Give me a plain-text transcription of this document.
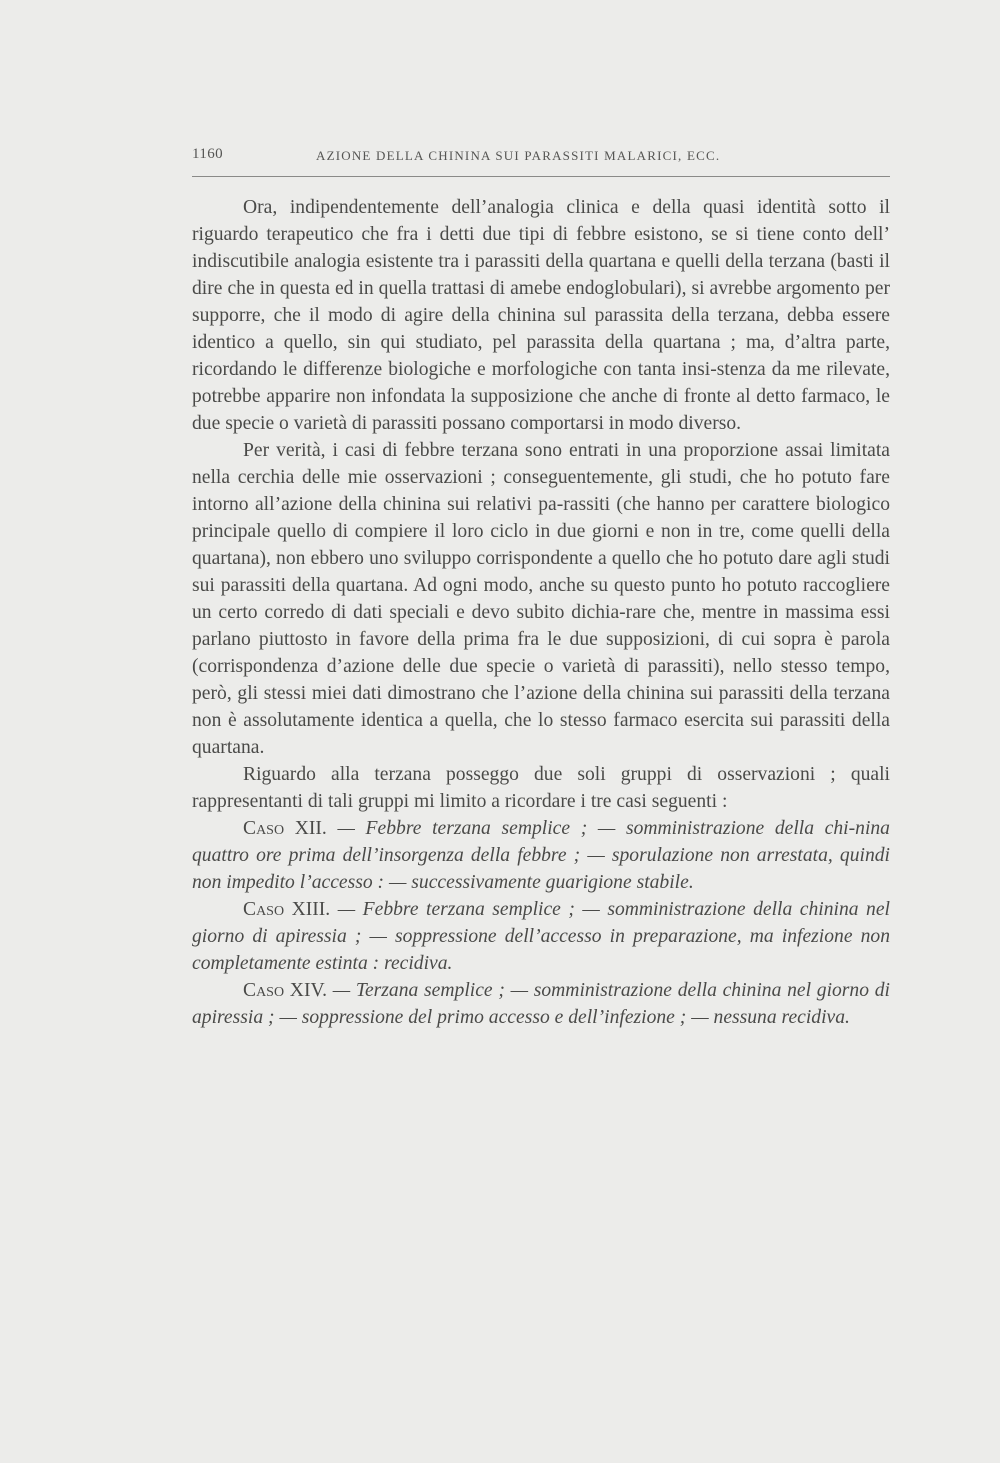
1160	AZIONE DELLA CHININA SUI PARASSITI MALARICI, ECC.

Ora, indipendentemente dell’analogia clinica e della quasi identità sotto il riguardo terapeutico che fra i detti due tipi di febbre esistono, se si tiene conto dell’ indiscutibile analogia esistente tra i parassiti della quartana e quelli della terzana (basti il dire che in questa ed in quella trattasi di amebe endoglobulari), si avrebbe argomento per supporre, che il modo di agire della chinina sul parassita della terzana, debba essere identico a quello, sin qui studiato, pel parassita della quartana ; ma, d’altra parte, ricordando le differenze biologiche e morfologiche con tanta insi-stenza da me rilevate, potrebbe apparire non infondata la supposizione che anche di fronte al detto farmaco, le due specie o varietà di parassiti possano comportarsi in modo diverso.

Per verità, i casi di febbre terzana sono entrati in una proporzione assai limitata nella cerchia delle mie osservazioni ; conseguentemente, gli studi, che ho potuto fare intorno all’azione della chinina sui relativi pa-rassiti (che hanno per carattere biologico principale quello di compiere il loro ciclo in due giorni e non in tre, come quelli della quartana), non ebbero uno sviluppo corrispondente a quello che ho potuto dare agli studi sui parassiti della quartana. Ad ogni modo, anche su questo punto ho potuto raccogliere un certo corredo di dati speciali e devo subito dichia-rare che, mentre in massima essi parlano piuttosto in favore della prima fra le due supposizioni, di cui sopra è parola (corrispondenza d’azione delle due specie o varietà di parassiti), nello stesso tempo, però, gli stessi miei dati dimostrano che l’azione della chinina sui parassiti della terzana non è assolutamente identica a quella, che lo stesso farmaco esercita sui parassiti della quartana.

Riguardo alla terzana posseggo due soli gruppi di osservazioni ; quali rappresentanti di tali gruppi mi limito a ricordare i tre casi seguenti :

Caso XII. — Febbre terzana semplice ; — somministrazione della chi-nina quattro ore prima dell’insorgenza della febbre ; — sporulazione non arrestata, quindi non impedito l’accesso : — successivamente guarigione stabile.

Caso XIII. — Febbre terzana semplice ; — somministrazione della chinina nel giorno di apiressia ; — soppressione dell’accesso in preparazione, ma infezione non completamente estinta : recidiva.

Caso XIV. — Terzana semplice ; — somministrazione della chinina nel giorno di apiressia ; — soppressione del primo accesso e dell’infezione ; — nessuna recidiva.
